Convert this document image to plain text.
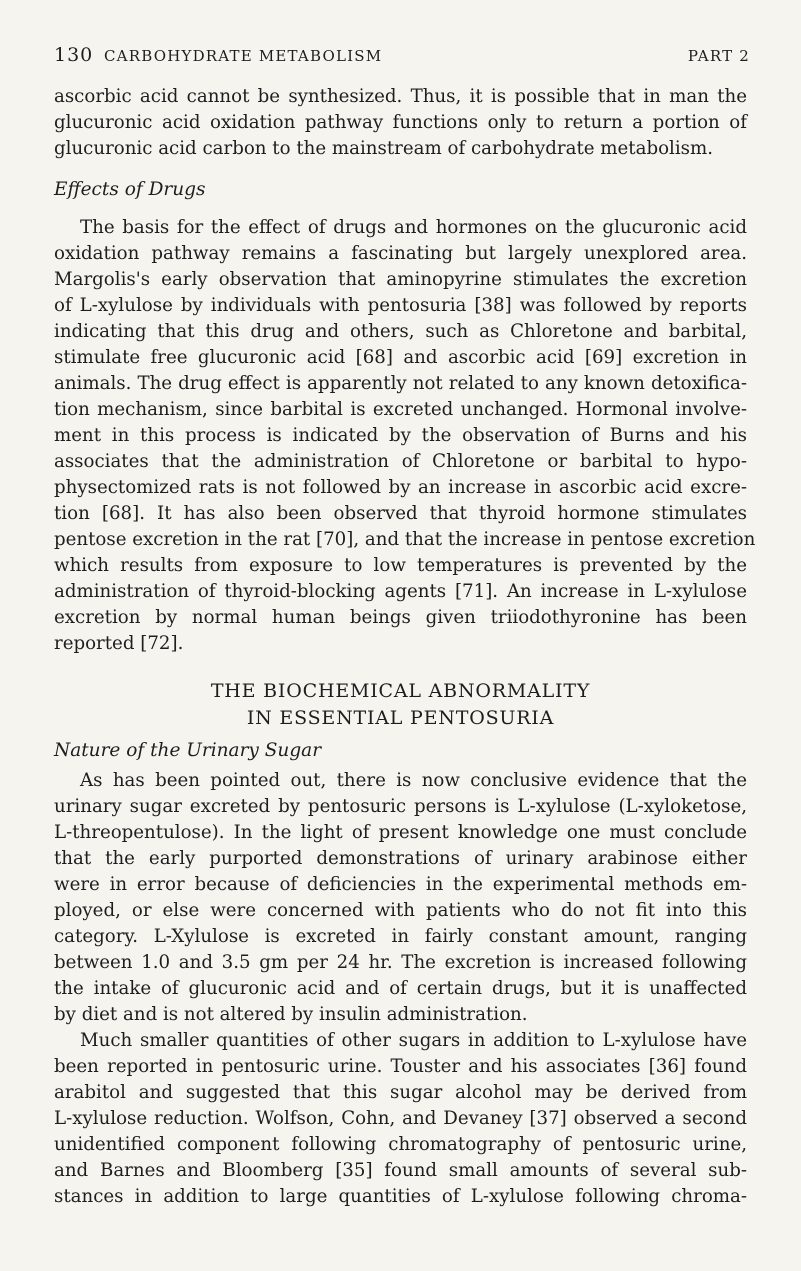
130 CARBOHYDRATE METABOLISM	PART 2
ascorbic acid cannot be synthesized. Thus, it is possible that in man the
glucuronic acid oxidation pathway functions only to return a portion of
glucuronic acid carbon to the mainstream of carbohydrate metabolism.
Effects of Drugs
The basis for the effect of drugs and hormones on the glucuronic acid
oxidation pathway remains a fascinating but largely unexplored area.
Margolis's early observation that aminopyrine stimulates the excretion
of L-xylulose by individuals with pentosuria [38] was followed by reports
indicating that this drug and others, such as Chloretone and barbital,
stimulate free glucuronic acid [68] and ascorbic acid [69] excretion in
animals. The drug effect is apparently not related to any known detoxifica-
tion mechanism, since barbital is excreted unchanged. Hormonal involve-
ment in this process is indicated by the observation of Burns and his
associates that the administration of Chloretone or barbital to hypo-
physectomized rats is not followed by an increase in ascorbic acid excre-
tion [68]. It has also been observed that thyroid hormone stimulates
pentose excretion in the rat [70], and that the increase in pentose excretion
which results from exposure to low temperatures is prevented by the
administration of thyroid-blocking agents [71]. An increase in L-xylulose
excretion by normal human beings given triiodothyronine has been
reported [72].
THE BIOCHEMICAL ABNORMALITY
IN ESSENTIAL PENTOSURIA
Nature of the Urinary Sugar
As has been pointed out, there is now conclusive evidence that the
urinary sugar excreted by pentosuric persons is L-xylulose (L-xyloketose,
L-threopentulose). In the light of present knowledge one must conclude
that the early purported demonstrations of urinary arabinose either
were in error because of deficiencies in the experimental methods em-
ployed, or else were concerned with patients who do not fit into this
category. L-Xylulose is excreted in fairly constant amount, ranging
between 1.0 and 3.5 gm per 24 hr. The excretion is increased following
the intake of glucuronic acid and of certain drugs, but it is unaffected
by diet and is not altered by insulin administration.
Much smaller quantities of other sugars in addition to L-xylulose have
been reported in pentosuric urine. Touster and his associates [36] found
arabitol and suggested that this sugar alcohol may be derived from
L-xylulose reduction. Wolfson, Cohn, and Devaney [37] observed a second
unidentified component following chromatography of pentosuric urine,
and Barnes and Bloomberg [35] found small amounts of several sub-
stances in addition to large quantities of L-xylulose following chroma-
